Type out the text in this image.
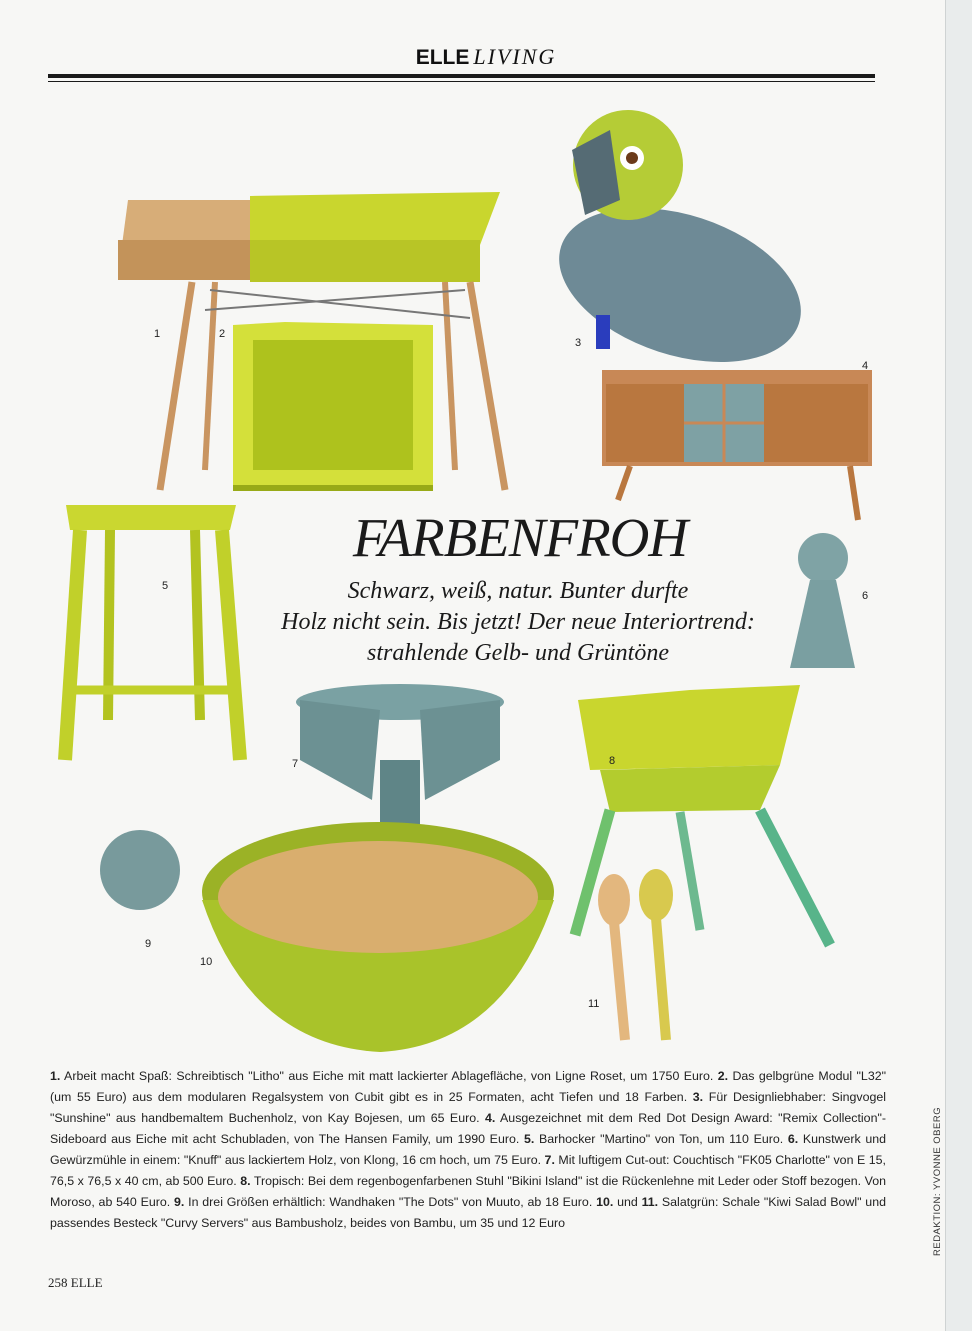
ELLE LIVING
FARBENFROH
Schwarz, weiß, natur. Bunter durfte
Holz nicht sein. Bis jetzt! Der neue Interiortrend:
strahlende Gelb- und Grüntöne
1	2
3
4
5
6
7	8
9
10
11
1. Arbeit macht Spaß: Schreibtisch "Litho" aus Eiche mit matt lackierter Ablagefläche, von Ligne Roset, um 1750 Euro. 2. Das gelbgrüne Modul "L32" (um 55 Euro) aus dem modularen Regalsystem von Cubit gibt es in 25 Formaten, acht Tiefen und 18 Farben. 3. Für Designliebhaber: Singvogel "Sunshine" aus handbemaltem Buchenholz, von Kay Bojesen, um 65 Euro. 4. Ausgezeichnet mit dem Red Dot Design Award: "Remix Collection"-Sideboard aus Eiche mit acht Schubladen, von The Hansen Family, um 1990 Euro. 5. Barhocker "Martino" von Ton, um 110 Euro. 6. Kunstwerk und Gewürzmühle in einem: "Knuff" aus lackiertem Holz, von Klong, 16 cm hoch, um 75 Euro. 7. Mit luftigem Cut-out: Couchtisch "FK05 Charlotte" von E 15, 76,5 x 76,5 x 40 cm, ab 500 Euro. 8. Tropisch: Bei dem regenbogenfarbenen Stuhl "Bikini Island" ist die Rückenlehne mit Leder oder Stoff bezogen. Von Moroso, ab 540 Euro. 9. In drei Größen erhältlich: Wandhaken "The Dots" von Muuto, ab 18 Euro. 10. und 11. Salatgrün: Schale "Kiwi Salad Bowl" und passendes Besteck "Curvy Servers" aus Bambusholz, beides von Bambu, um 35 und 12 Euro	REDAKTION: YVONNE OBERG
258 ELLE
